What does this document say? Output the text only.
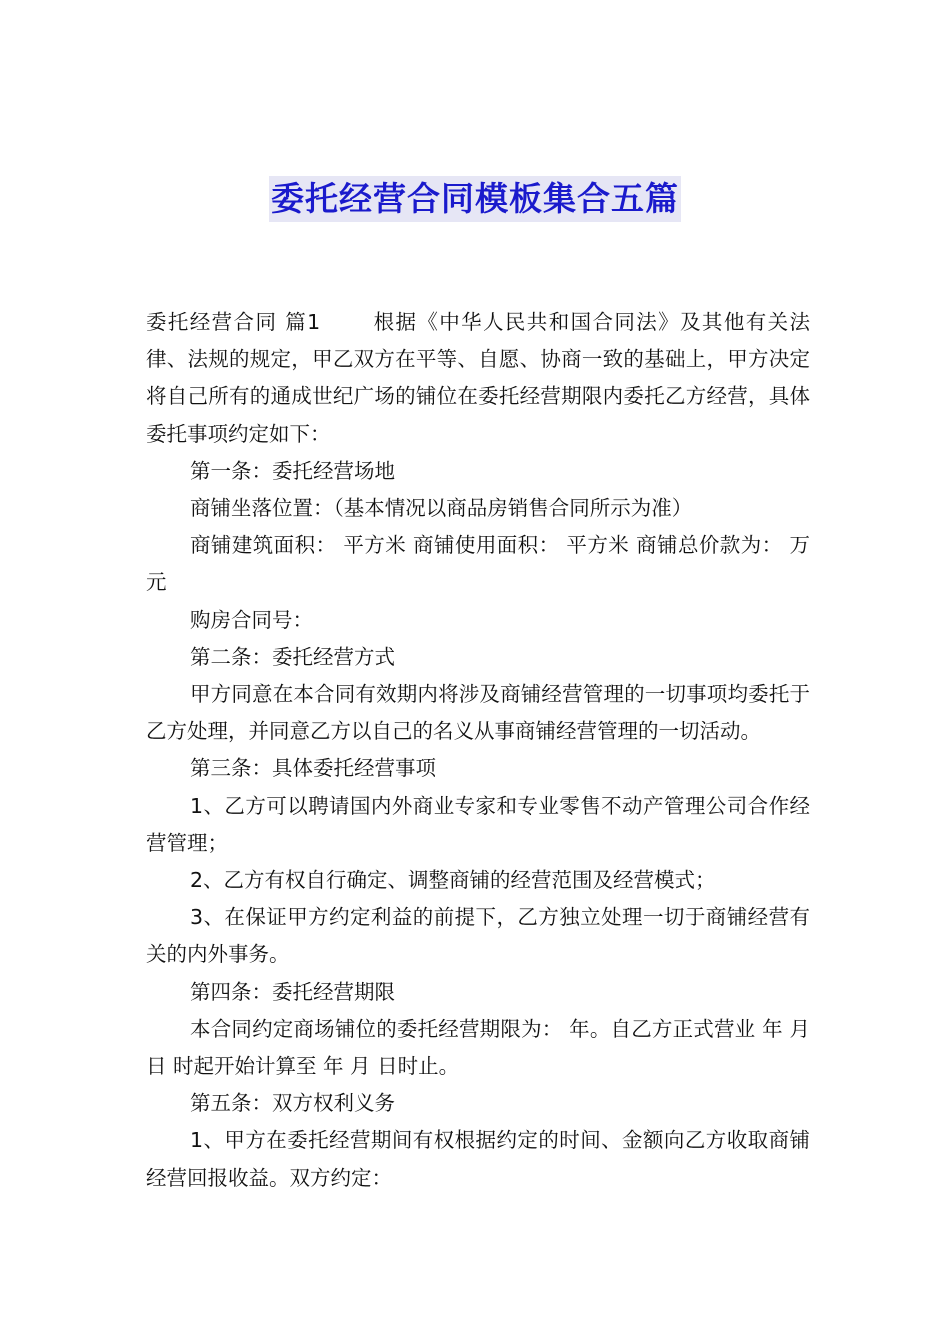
委托经营合同模板集合五篇

委托经营合同 篇1	根据《中华人民共和国合同法》及其他有关法律、法规的规定，甲乙双方在平等、自愿、协商一致的基础上，甲方决定将自己所有的通成世纪广场的铺位在委托经营期限内委托乙方经营，具体委托事项约定如下：

第一条：委托经营场地

商铺坐落位置：（基本情况以商品房销售合同所示为准）

商铺建筑面积： 平方米 商铺使用面积： 平方米 商铺总价款为： 万元

购房合同号：

第二条：委托经营方式

甲方同意在本合同有效期内将涉及商铺经营管理的一切事项均委托于乙方处理，并同意乙方以自己的名义从事商铺经营管理的一切活动。

第三条：具体委托经营事项

1、乙方可以聘请国内外商业专家和专业零售不动产管理公司合作经营管理；

2、乙方有权自行确定、调整商铺的经营范围及经营模式；

3、在保证甲方约定利益的前提下，乙方独立处理一切于商铺经营有关的内外事务。

第四条：委托经营期限

本合同约定商场铺位的委托经营期限为： 年。自乙方正式营业 年 月 日 时起开始计算至 年 月 日时止。

第五条：双方权利义务

1、甲方在委托经营期间有权根据约定的时间、金额向乙方收取商铺经营回报收益。双方约定：
